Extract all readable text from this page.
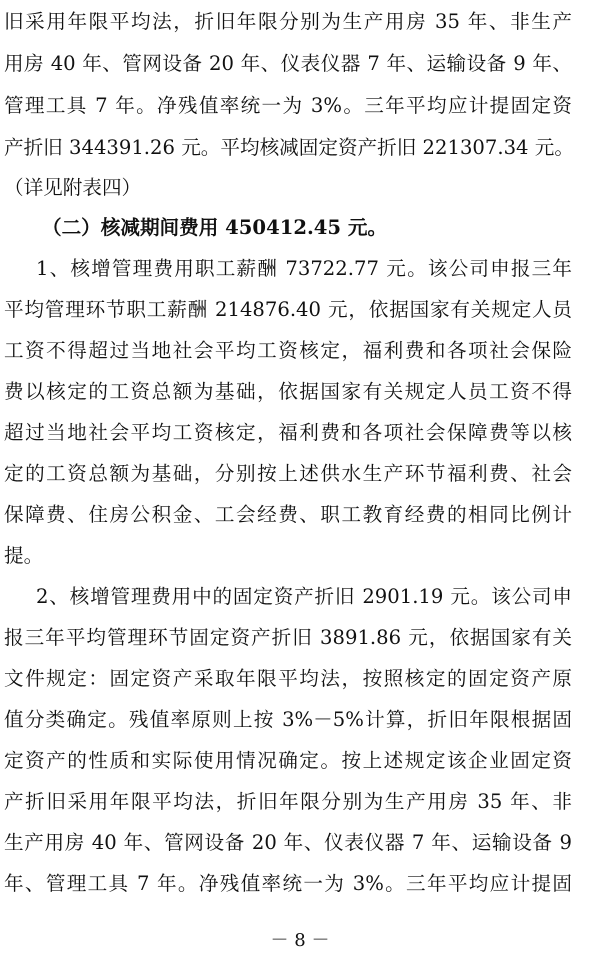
旧采用年限平均法，折旧年限分别为生产用房 35 年、非生产
用房 40 年、管网设备 20 年、仪表仪器 7 年、运输设备 9 年、
管理工具 7 年。净残值率统一为 3%。三年平均应计提固定资
产折旧 344391.26 元。平均核减固定资产折旧 221307.34 元。
（详见附表四）
（二）核减期间费用 450412.45 元。
1、核增管理费用职工薪酬 73722.77 元。该公司申报三年
平均管理环节职工薪酬 214876.40 元，依据国家有关规定人员
工资不得超过当地社会平均工资核定，福利费和各项社会保险
费以核定的工资总额为基础，依据国家有关规定人员工资不得
超过当地社会平均工资核定，福利费和各项社会保障费等以核
定的工资总额为基础，分别按上述供水生产环节福利费、社会
保障费、住房公积金、工会经费、职工教育经费的相同比例计
提。
2、核增管理费用中的固定资产折旧 2901.19 元。该公司申
报三年平均管理环节固定资产折旧 3891.86 元，依据国家有关
文件规定：固定资产采取年限平均法，按照核定的固定资产原
值分类确定。残值率原则上按 3%－5%计算，折旧年限根据固
定资产的性质和实际使用情况确定。按上述规定该企业固定资
产折旧采用年限平均法，折旧年限分别为生产用房 35 年、非
生产用房 40 年、管网设备 20 年、仪表仪器 7 年、运输设备 9
年、管理工具 7 年。净残值率统一为 3%。三年平均应计提固
－ 8 －
